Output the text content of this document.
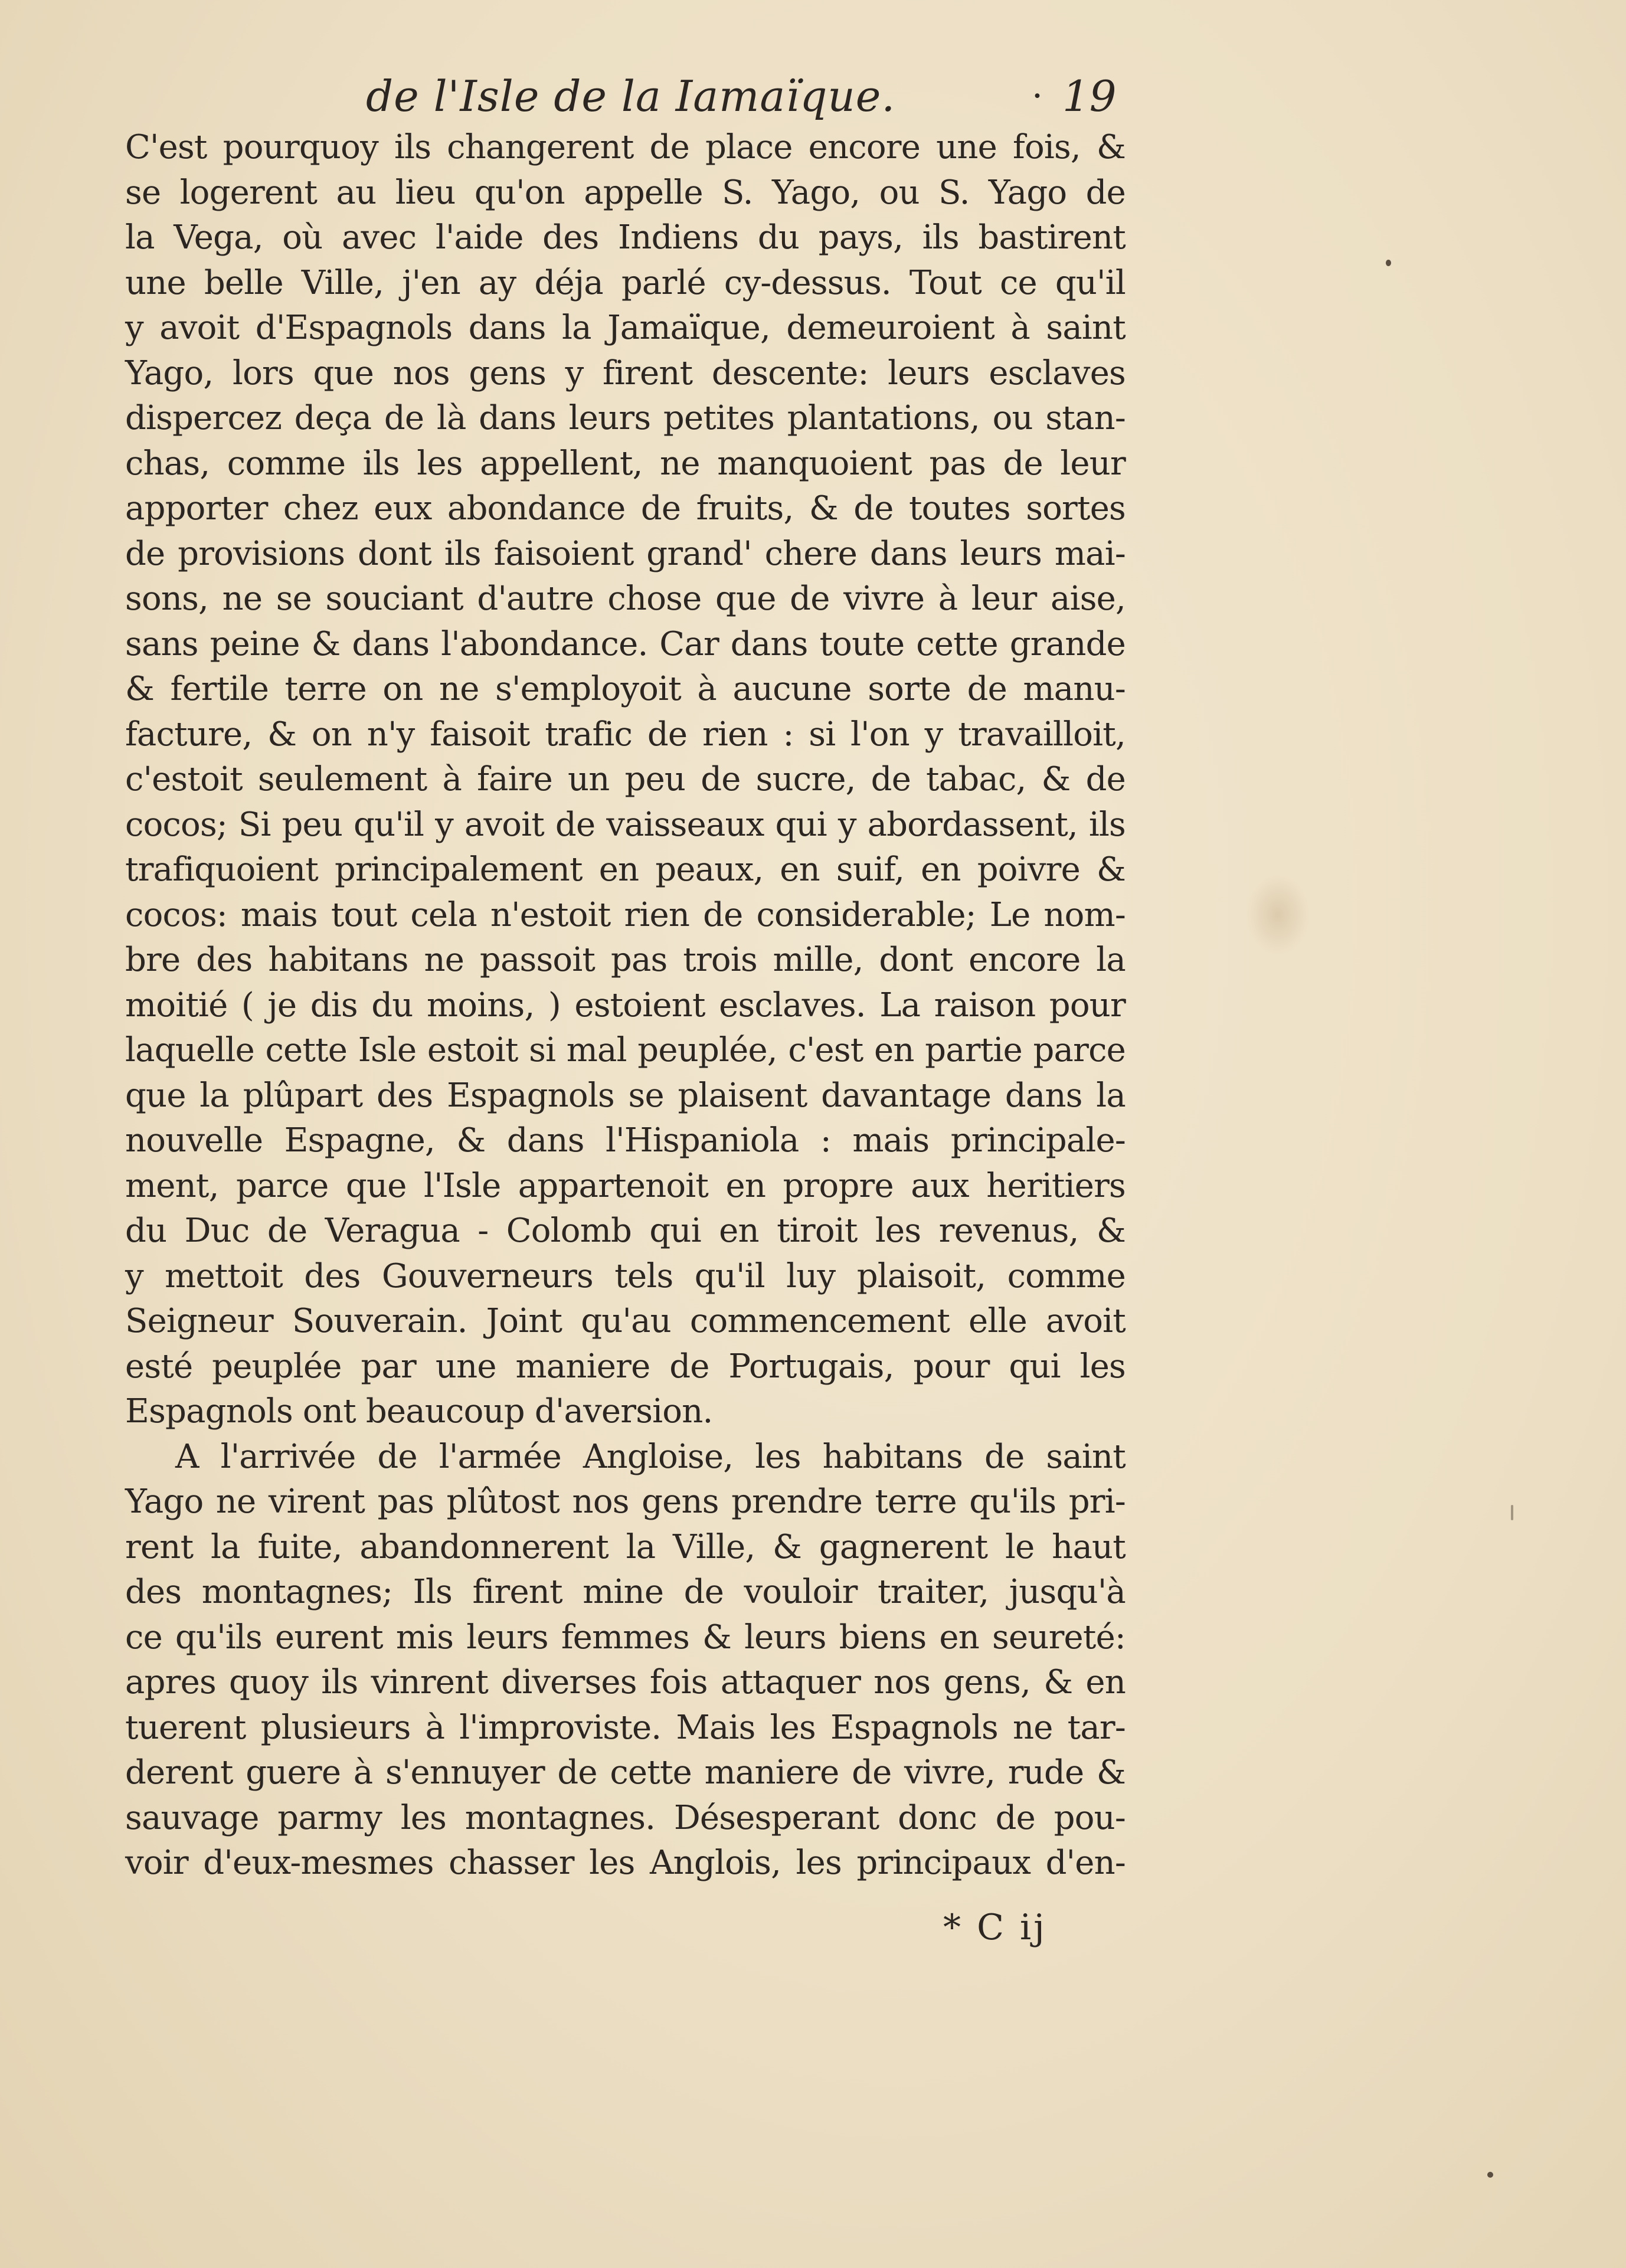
de l'Isle de la Iamaïque.	· 19
C'est pourquoy ils changerent de place encore une fois, &
se logerent au lieu qu'on appelle S. Yago, ou S. Yago de
la Vega, où avec l'aide des Indiens du pays, ils bastirent
une belle Ville, j'en ay déja parlé cy-dessus. Tout ce qu'il
y avoit d'Espagnols dans la Jamaïque, demeuroient à saint
Yago, lors que nos gens y firent descente: leurs esclaves
dispercez deça de là dans leurs petites plantations, ou stan-
chas, comme ils les appellent, ne manquoient pas de leur
apporter chez eux abondance de fruits, & de toutes sortes
de provisions dont ils faisoient grand' chere dans leurs mai-
sons, ne se souciant d'autre chose que de vivre à leur aise,
sans peine & dans l'abondance. Car dans toute cette grande
& fertile terre on ne s'employoit à aucune sorte de manu-
facture, & on n'y faisoit trafic de rien : si l'on y travailloit,
c'estoit seulement à faire un peu de sucre, de tabac, & de
cocos; Si peu qu'il y avoit de vaisseaux qui y abordassent, ils
trafiquoient principalement en peaux, en suif, en poivre &
cocos: mais tout cela n'estoit rien de considerable; Le nom-
bre des habitans ne passoit pas trois mille, dont encore la
moitié ( je dis du moins, ) estoient esclaves. La raison pour
laquelle cette Isle estoit si mal peuplée, c'est en partie parce
que la plûpart des Espagnols se plaisent davantage dans la
nouvelle Espagne, & dans l'Hispaniola : mais principale-
ment, parce que l'Isle appartenoit en propre aux heritiers
du Duc de Veragua - Colomb qui en tiroit les revenus, &
y mettoit des Gouverneurs tels qu'il luy plaisoit, comme
Seigneur Souverain. Joint qu'au commencement elle avoit
esté peuplée par une maniere de Portugais, pour qui les
Espagnols ont beaucoup d'aversion.
A l'arrivée de l'armée Angloise, les habitans de saint
Yago ne virent pas plûtost nos gens prendre terre qu'ils pri-
rent la fuite, abandonnerent la Ville, & gagnerent le haut
des montagnes; Ils firent mine de vouloir traiter, jusqu'à
ce qu'ils eurent mis leurs femmes & leurs biens en seureté:
apres quoy ils vinrent diverses fois attaquer nos gens, & en
tuerent plusieurs à l'improviste. Mais les Espagnols ne tar-
derent guere à s'ennuyer de cette maniere de vivre, rude &
sauvage parmy les montagnes. Désesperant donc de pou-
voir d'eux-mesmes chasser les Anglois, les principaux d'en-
* C ij
